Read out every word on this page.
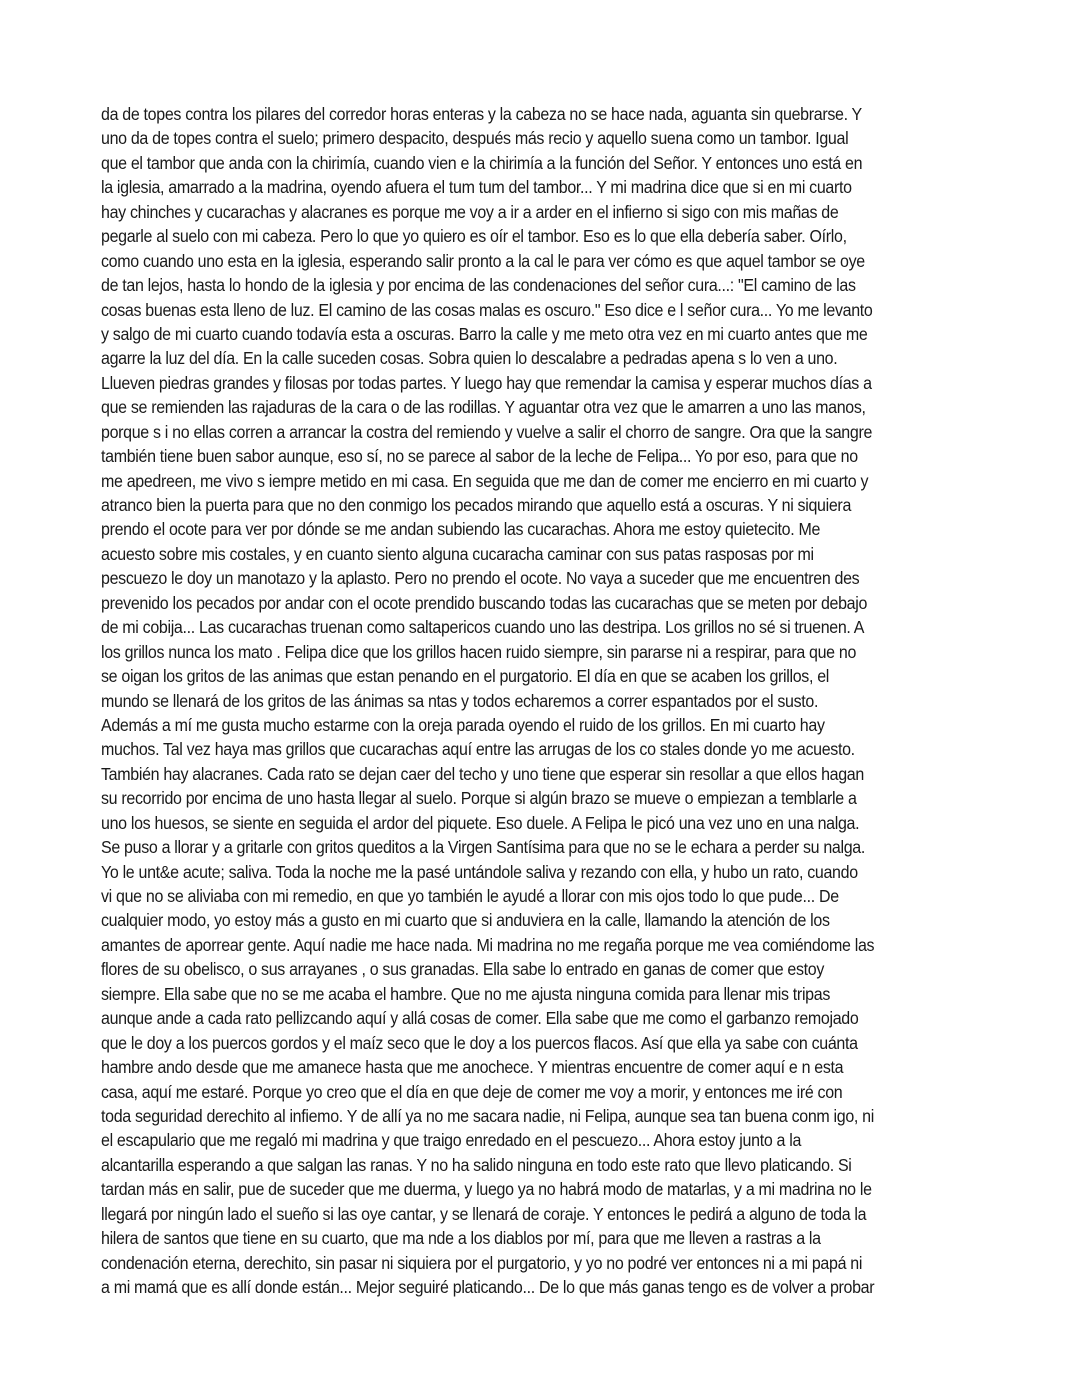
da de topes contra los pilares del corredor horas enteras y la cabeza no se hace nada, aguanta sin quebrarse. Y
uno da de topes contra el suelo; primero despacito, después más recio y aquello suena como un tambor. Igual
que el tambor que anda con la chirimía, cuando vien e la chirimía a la función del Señor. Y entonces uno está en
la iglesia, amarrado a la madrina, oyendo afuera el tum tum del tambor... Y mi madrina dice que si en mi cuarto
hay chinches y cucarachas y alacranes es porque me voy a ir a arder en el infierno si sigo con mis mañas de
pegarle al suelo con mi cabeza. Pero lo que yo quiero es oír el tambor. Eso es lo que ella debería saber. Oírlo,
como cuando uno esta en la iglesia, esperando salir pronto a la cal le para ver cómo es que aquel tambor se oye
de tan lejos, hasta lo hondo de la iglesia y por encima de las condenaciones del señor cura...: "El camino de las
cosas buenas esta lleno de luz. El camino de las cosas malas es oscuro." Eso dice e l señor cura... Yo me levanto
y salgo de mi cuarto cuando todavía esta a oscuras. Barro la calle y me meto otra vez en mi cuarto antes que me
agarre la luz del día. En la calle suceden cosas. Sobra quien lo descalabre a pedradas apena s lo ven a uno.
Llueven piedras grandes y filosas por todas partes. Y luego hay que remendar la camisa y esperar muchos días a
que se remienden las rajaduras de la cara o de las rodillas. Y aguantar otra vez que le amarren a uno las manos,
porque s i no ellas corren a arrancar la costra del remiendo y vuelve a salir el chorro de sangre. Ora que la sangre
también tiene buen sabor aunque, eso sí, no se parece al sabor de la leche de Felipa... Yo por eso, para que no
me apedreen, me vivo s iempre metido en mi casa. En seguida que me dan de comer me encierro en mi cuarto y
atranco bien la puerta para que no den conmigo los pecados mirando que aquello está a oscuras. Y ni siquiera
prendo el ocote para ver por dónde se me andan subiendo las cucarachas. Ahora me estoy quietecito. Me
acuesto sobre mis costales, y en cuanto siento alguna cucaracha caminar con sus patas rasposas por mi
pescuezo le doy un manotazo y la aplasto. Pero no prendo el ocote. No vaya a suceder que me encuentren des
prevenido los pecados por andar con el ocote prendido buscando todas las cucarachas que se meten por debajo
de mi cobija... Las cucarachas truenan como saltapericos cuando uno las destripa. Los grillos no sé si truenen. A
los grillos nunca los mato . Felipa dice que los grillos hacen ruido siempre, sin pararse ni a respirar, para que no
se oigan los gritos de las animas que estan penando en el purgatorio. El día en que se acaben los grillos, el
mundo se llenará de los gritos de las ánimas sa ntas y todos echaremos a correr espantados por el susto.
Además a mí me gusta mucho estarme con la oreja parada oyendo el ruido de los grillos. En mi cuarto hay
muchos. Tal vez haya mas grillos que cucarachas aquí entre las arrugas de los co stales donde yo me acuesto.
También hay alacranes. Cada rato se dejan caer del techo y uno tiene que esperar sin resollar a que ellos hagan
su recorrido por encima de uno hasta llegar al suelo. Porque si algún brazo se mueve o empiezan a temblarle a
uno los huesos, se siente en seguida el ardor del piquete. Eso duele. A Felipa le picó una vez uno en una nalga.
Se puso a llorar y a gritarle con gritos queditos a la Virgen Santísima para que no se le echara a perder su nalga.
Yo le unt&e acute; saliva. Toda la noche me la pasé untándole saliva y rezando con ella, y hubo un rato, cuando
vi que no se aliviaba con mi remedio, en que yo también le ayudé a llorar con mis ojos todo lo que pude... De
cualquier modo, yo estoy más a gusto en mi cuarto que si anduviera en la calle, llamando la atención de los
amantes de aporrear gente. Aquí nadie me hace nada. Mi madrina no me regaña porque me vea comiéndome las
flores de su obelisco, o sus arrayanes , o sus granadas. Ella sabe lo entrado en ganas de comer que estoy
siempre. Ella sabe que no se me acaba el hambre. Que no me ajusta ninguna comida para llenar mis tripas
aunque ande a cada rato pellizcando aquí y allá cosas de comer. Ella sabe que me como el garbanzo remojado
que le doy a los puercos gordos y el maíz seco que le doy a los puercos flacos. Así que ella ya sabe con cuánta
hambre ando desde que me amanece hasta que me anochece. Y mientras encuentre de comer aquí e n esta
casa, aquí me estaré. Porque yo creo que el día en que deje de comer me voy a morir, y entonces me iré con
toda seguridad derechito al infiemo. Y de allí ya no me sacara nadie, ni Felipa, aunque sea tan buena conm igo, ni
el escapulario que me regaló mi madrina y que traigo enredado en el pescuezo... Ahora estoy junto a la
alcantarilla esperando a que salgan las ranas. Y no ha salido ninguna en todo este rato que llevo platicando. Si
tardan más en salir, pue de suceder que me duerma, y luego ya no habrá modo de matarlas, y a mi madrina no le
llegará por ningún lado el sueño si las oye cantar, y se llenará de coraje. Y entonces le pedirá a alguno de toda la
hilera de santos que tiene en su cuarto, que ma nde a los diablos por mí, para que me lleven a rastras a la
condenación eterna, derechito, sin pasar ni siquiera por el purgatorio, y yo no podré ver entonces ni a mi papá ni
a mi mamá que es allí donde están... Mejor seguiré platicando... De lo que más ganas tengo es de volver a probar
